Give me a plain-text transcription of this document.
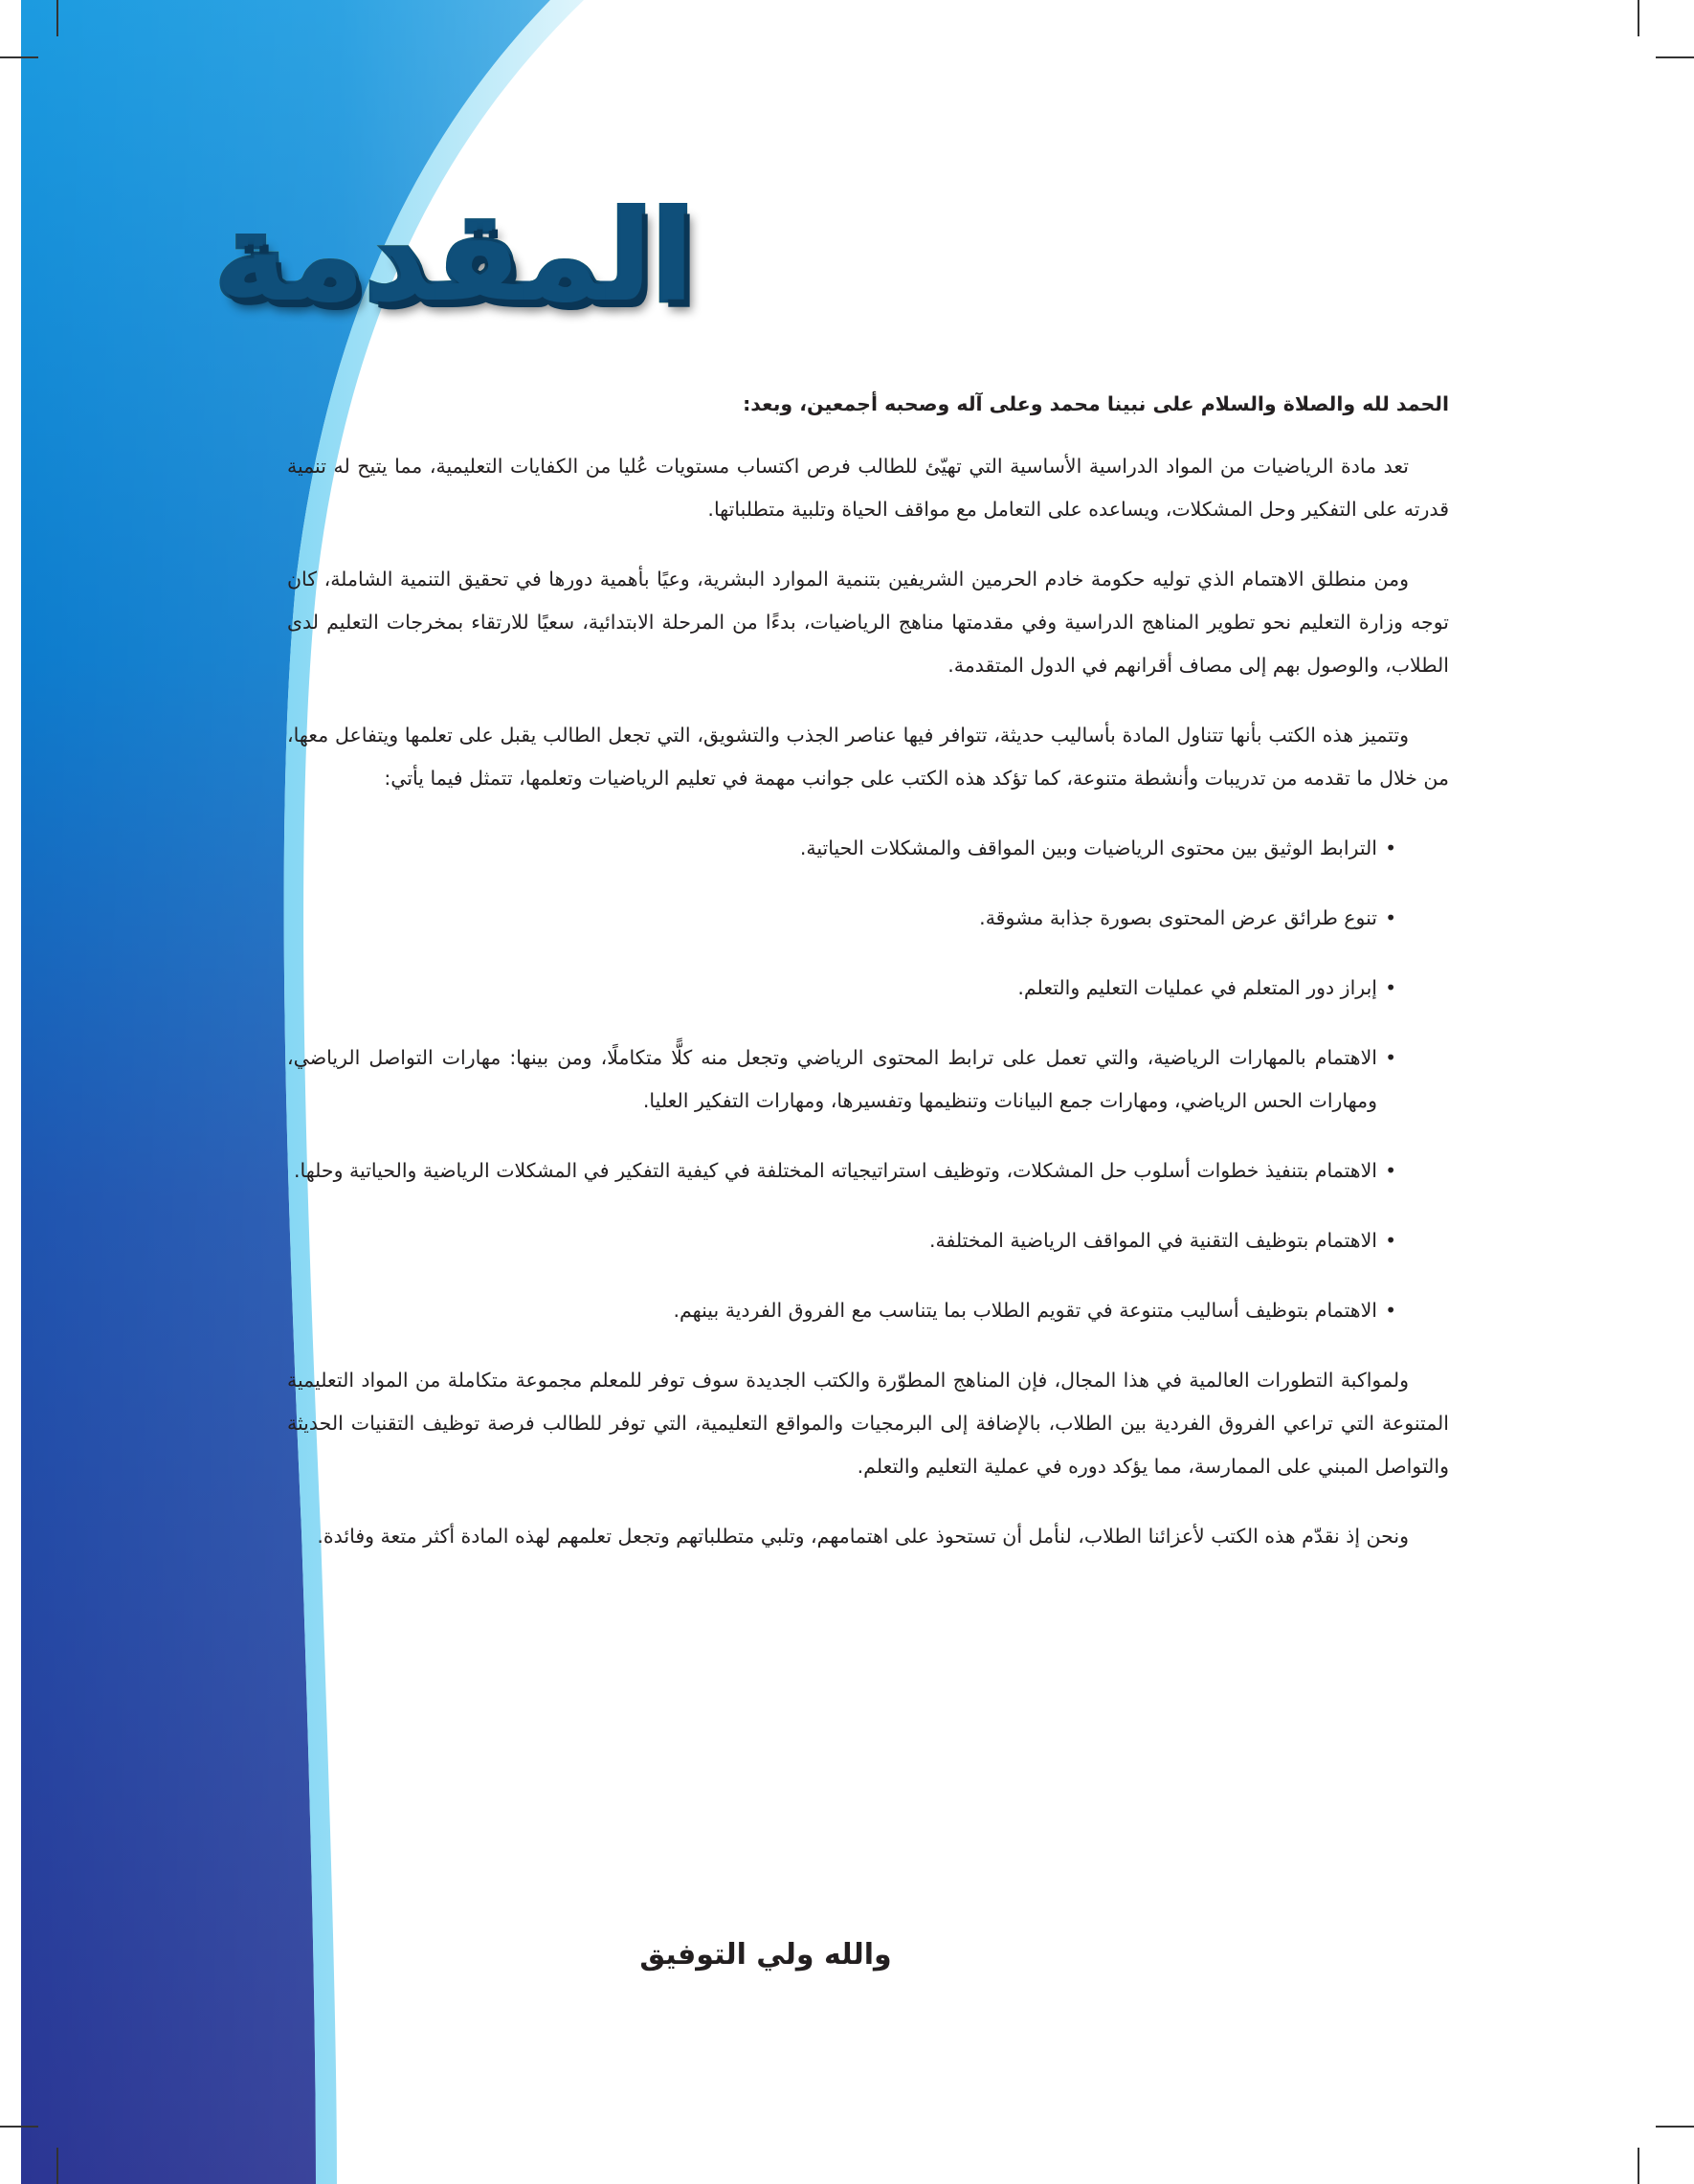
المقدمة

الحمد لله والصلاة والسلام على نبينا محمد وعلى آله وصحبه أجمعين، وبعد:

تعد مادة الرياضيات من المواد الدراسية الأساسية التي تهيّئ للطالب فرص اكتساب مستويات عُليا من الكفايات التعليمية، مما يتيح له تنمية قدرته على التفكير وحل المشكلات، ويساعده على التعامل مع مواقف الحياة وتلبية متطلباتها.

ومن منطلق الاهتمام الذي توليه حكومة خادم الحرمين الشريفين بتنمية الموارد البشرية، وعيًا بأهمية دورها في تحقيق التنمية الشاملة، كان توجه وزارة التعليم نحو تطوير المناهج الدراسية وفي مقدمتها مناهج الرياضيات، بدءًا من المرحلة الابتدائية، سعيًا للارتقاء بمخرجات التعليم لدى الطلاب، والوصول بهم إلى مصاف أقرانهم في الدول المتقدمة.

وتتميز هذه الكتب بأنها تتناول المادة بأساليب حديثة، تتوافر فيها عناصر الجذب والتشويق، التي تجعل الطالب يقبل على تعلمها ويتفاعل معها، من خلال ما تقدمه من تدريبات وأنشطة متنوعة، كما تؤكد هذه الكتب على جوانب مهمة في تعليم الرياضيات وتعلمها، تتمثل فيما يأتي:

• الترابط الوثيق بين محتوى الرياضيات وبين المواقف والمشكلات الحياتية.
• تنوع طرائق عرض المحتوى بصورة جذابة مشوقة.
• إبراز دور المتعلم في عمليات التعليم والتعلم.
• الاهتمام بالمهارات الرياضية، والتي تعمل على ترابط المحتوى الرياضي وتجعل منه كلًّا متكاملًا، ومن بينها: مهارات التواصل الرياضي، ومهارات الحس الرياضي، ومهارات جمع البيانات وتنظيمها وتفسيرها، ومهارات التفكير العليا.
• الاهتمام بتنفيذ خطوات أسلوب حل المشكلات، وتوظيف استراتيجياته المختلفة في كيفية التفكير في المشكلات الرياضية والحياتية وحلها.
• الاهتمام بتوظيف التقنية في المواقف الرياضية المختلفة.
• الاهتمام بتوظيف أساليب متنوعة في تقويم الطلاب بما يتناسب مع الفروق الفردية بينهم.

ولمواكبة التطورات العالمية في هذا المجال، فإن المناهج المطوّرة والكتب الجديدة سوف توفر للمعلم مجموعة متكاملة من المواد التعليمية المتنوعة التي تراعي الفروق الفردية بين الطلاب، بالإضافة إلى البرمجيات والمواقع التعليمية، التي توفر للطالب فرصة توظيف التقنيات الحديثة والتواصل المبني على الممارسة، مما يؤكد دوره في عملية التعليم والتعلم.

ونحن إذ نقدّم هذه الكتب لأعزائنا الطلاب، لنأمل أن تستحوذ على اهتمامهم، وتلبي متطلباتهم وتجعل تعلمهم لهذه المادة أكثر متعة وفائدة.

والله ولي التوفيق
